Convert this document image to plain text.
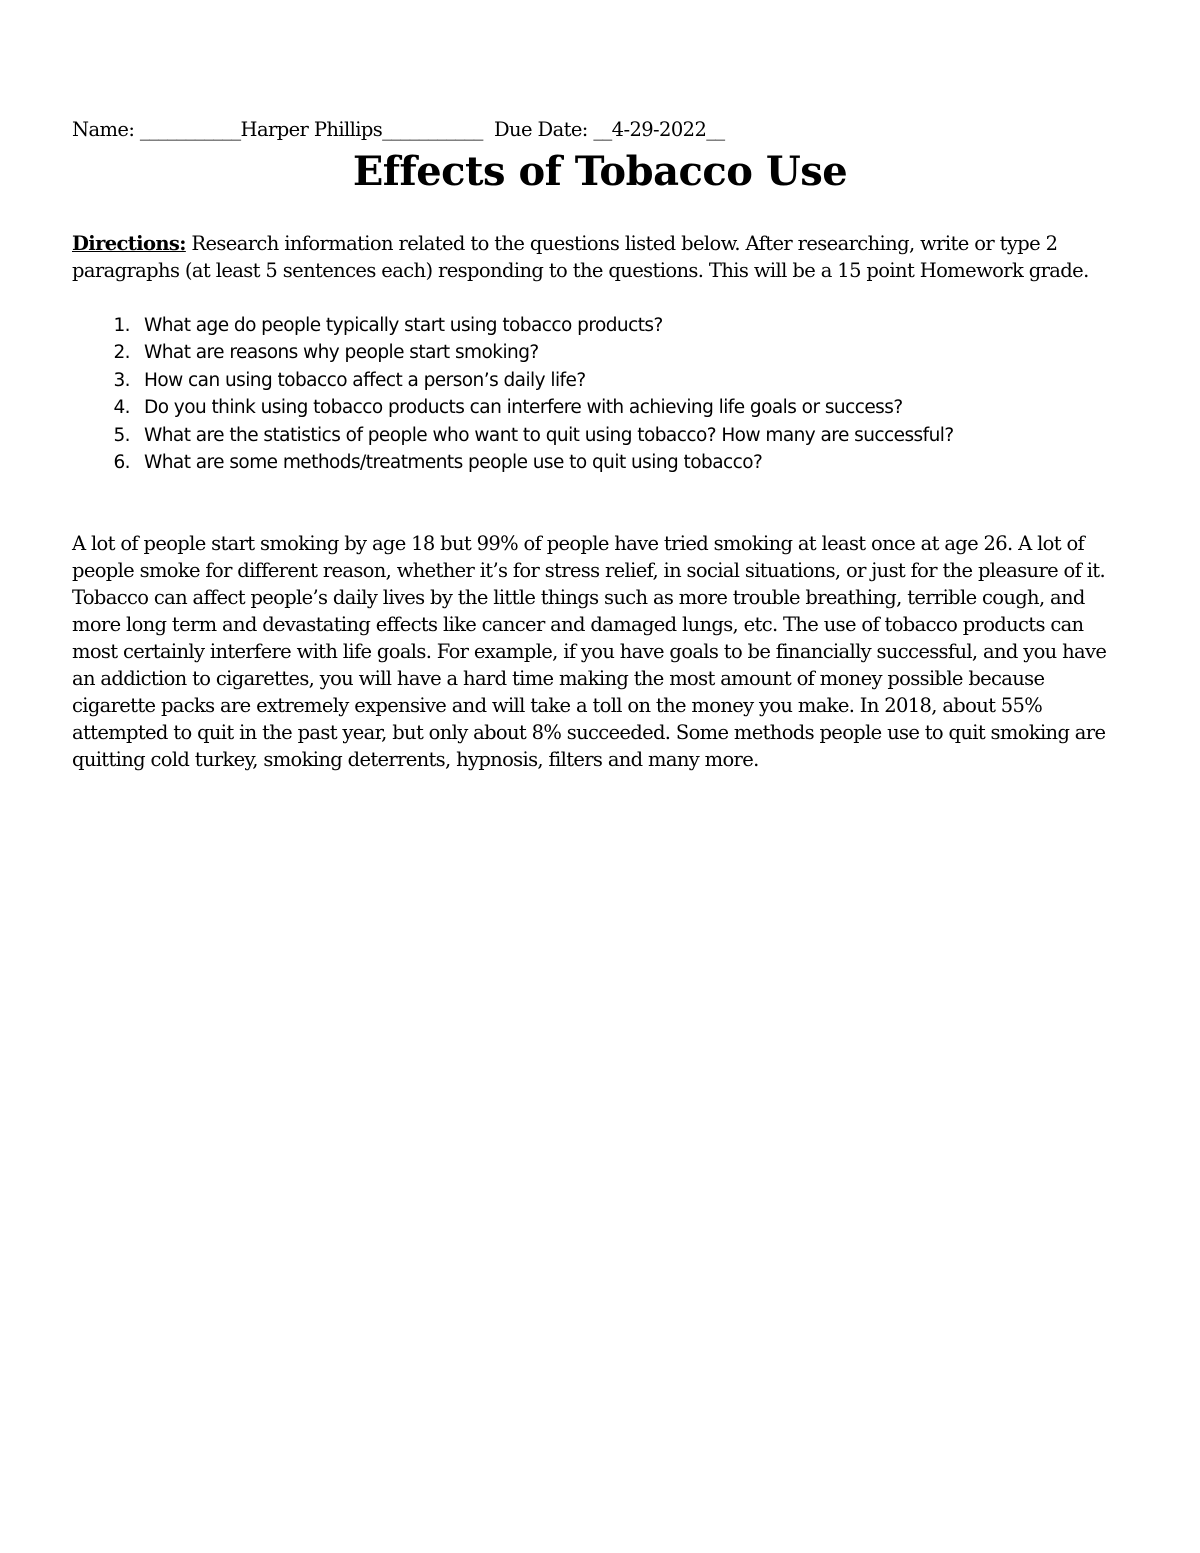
Name: ___________Harper Phillips___________  Due Date: __4-29-2022__
Effects of Tobacco Use
Directions: Research information related to the questions listed below. After researching, write or type 2 paragraphs (at least 5 sentences each) responding to the questions. This will be a 15 point Homework grade.
1. What age do people typically start using tobacco products?
2. What are reasons why people start smoking?
3. How can using tobacco affect a person’s daily life?
4. Do you think using tobacco products can interfere with achieving life goals or success?
5. What are the statistics of people who want to quit using tobacco? How many are successful?
6. What are some methods/treatments people use to quit using tobacco?

A lot of people start smoking by age 18 but 99% of people have tried smoking at least once at age 26. A lot of people smoke for different reason, whether it’s for stress relief, in social situations, or just for the pleasure of it. Tobacco can affect people’s daily lives by the little things such as more trouble breathing, terrible cough, and more long term and devastating effects like cancer and damaged lungs, etc. The use of tobacco products can most certainly interfere with life goals. For example, if you have goals to be financially successful, and you have an addiction to cigarettes, you will have a hard time making the most amount of money possible because cigarette packs are extremely expensive and will take a toll on the money you make. In 2018, about 55% attempted to quit in the past year, but only about 8% succeeded. Some methods people use to quit smoking are quitting cold turkey, smoking deterrents, hypnosis, filters and many more.
